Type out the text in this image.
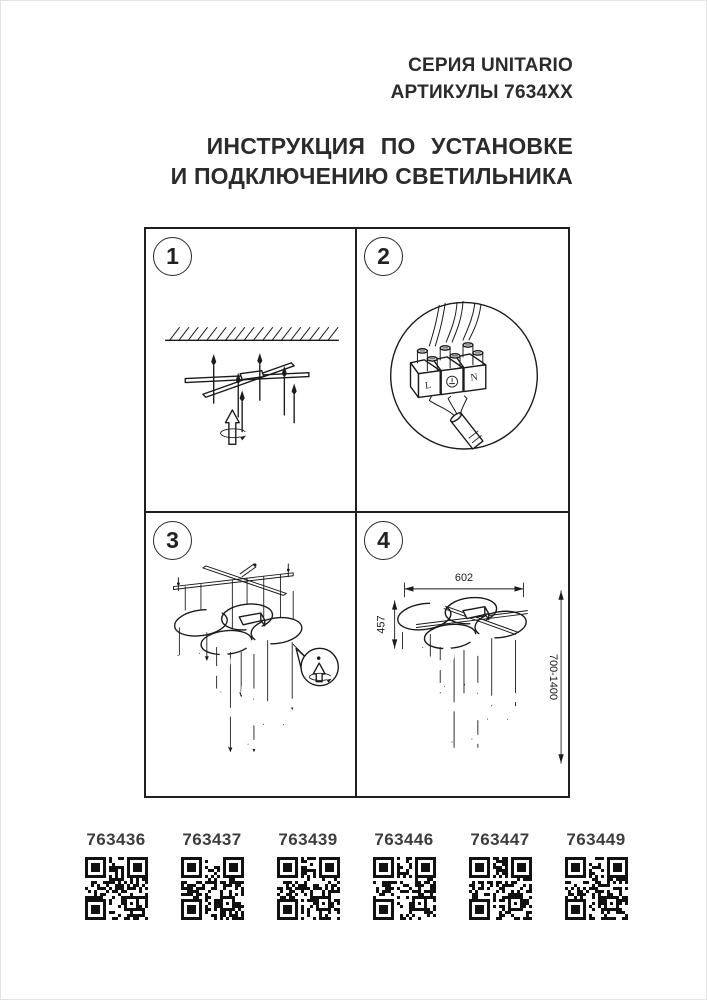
СЕРИЯ UNITARIO
АРТИКУЛЫ 7634XX
ИНСТРУКЦИЯ ПО УСТАНОВКЕ
И ПОДКЛЮЧЕНИЮ СВЕТИЛЬНИКА
1	2
N
L
3	4
602
457
700-1400
763436	763437	763439	763446	763447	763449
